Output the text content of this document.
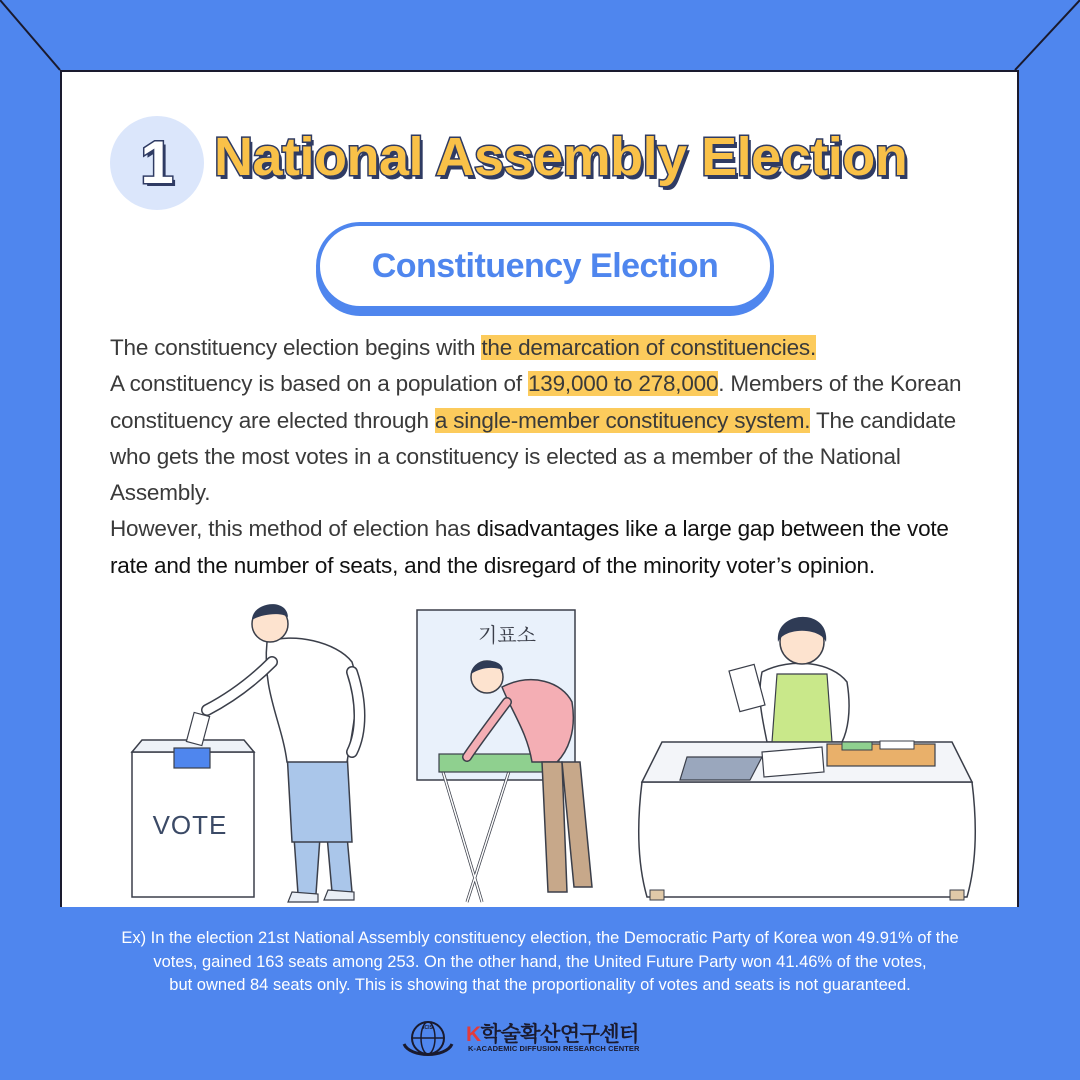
1 National Assembly Election
Constituency Election
The constituency election begins with the demarcation of constituencies.
A constituency is based on a population of 139,000 to 278,000. Members of the Korean constituency are elected through a single-member constituency system. The candidate who gets the most votes in a constituency is elected as a member of the National Assembly.
However, this method of election has disadvantages like a large gap between the vote rate and the number of seats, and the disregard of the minority voter’s opinion.
VOTE
기표소
Ex) In the election 21st National Assembly constituency election, the Democratic Party of Korea won 49.91% of the
votes, gained 163 seats among 253. On the other hand, the United Future Party won 41.46% of the votes,
but owned 84 seats only. This is showing that the proportionality of votes and seats is not guaranteed.
ICIS K학술확산연구센터
K-ACADEMIC DIFFUSION RESEARCH CENTER
